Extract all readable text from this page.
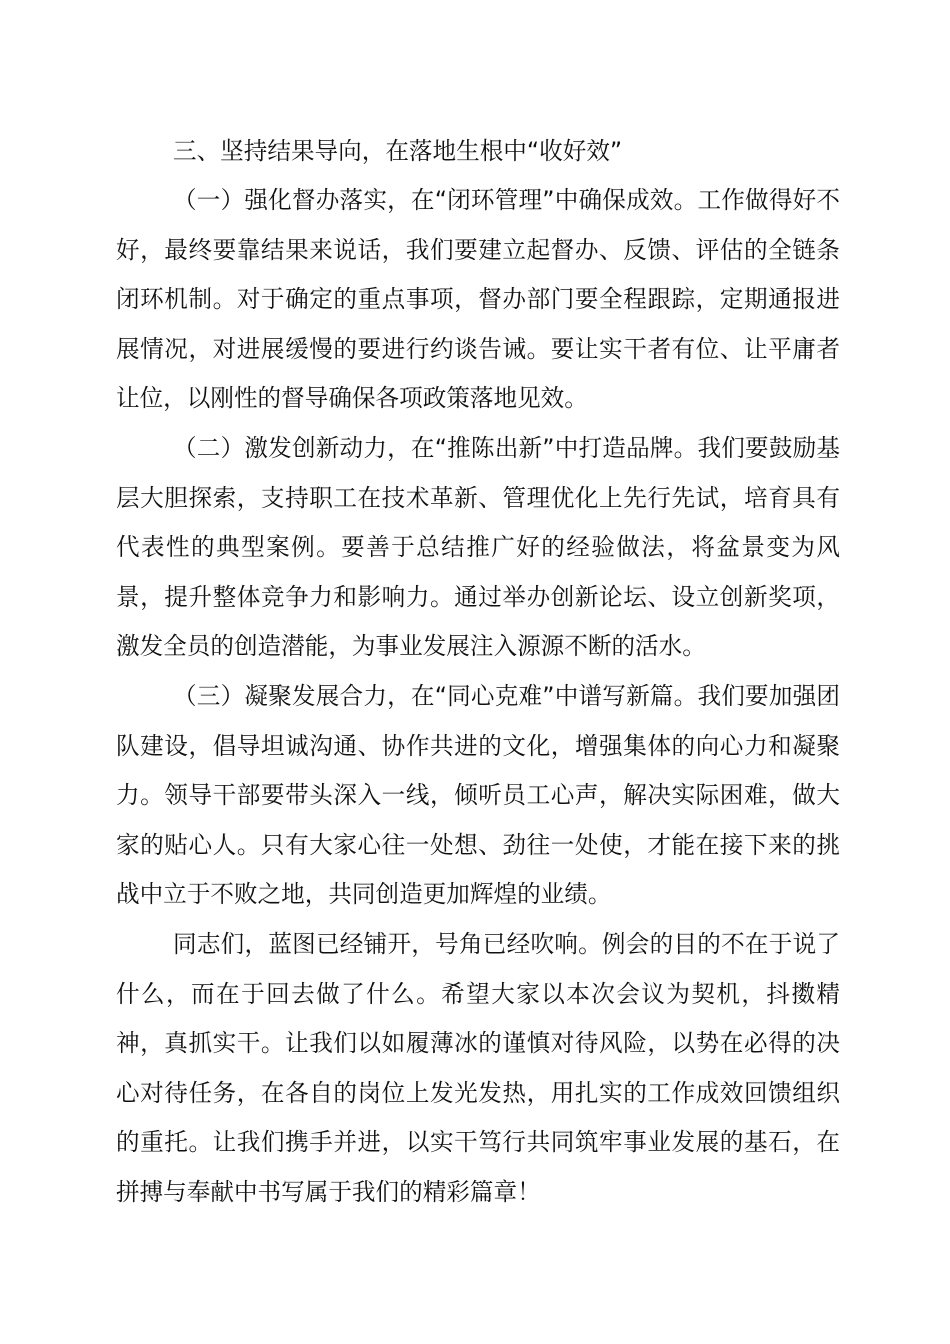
三、坚持结果导向，在落地生根中“收好效”

（一）强化督办落实，在“闭环管理”中确保成效。工作做得好不好，最终要靠结果来说话，我们要建立起督办、反馈、评估的全链条闭环机制。对于确定的重点事项，督办部门要全程跟踪，定期通报进展情况，对进展缓慢的要进行约谈告诫。要让实干者有位、让平庸者让位，以刚性的督导确保各项政策落地见效。

（二）激发创新动力，在“推陈出新”中打造品牌。我们要鼓励基层大胆探索，支持职工在技术革新、管理优化上先行先试，培育具有代表性的典型案例。要善于总结推广好的经验做法，将盆景变为风景，提升整体竞争力和影响力。通过举办创新论坛、设立创新奖项，激发全员的创造潜能，为事业发展注入源源不断的活水。

（三）凝聚发展合力，在“同心克难”中谱写新篇。我们要加强团队建设，倡导坦诚沟通、协作共进的文化，增强集体的向心力和凝聚力。领导干部要带头深入一线，倾听员工心声，解决实际困难，做大家的贴心人。只有大家心往一处想、劲往一处使，才能在接下来的挑战中立于不败之地，共同创造更加辉煌的业绩。

同志们，蓝图已经铺开，号角已经吹响。例会的目的不在于说了什么，而在于回去做了什么。希望大家以本次会议为契机，抖擞精神，真抓实干。让我们以如履薄冰的谨慎对待风险，以势在必得的决心对待任务，在各自的岗位上发光发热，用扎实的工作成效回馈组织的重托。让我们携手并进，以实干笃行共同筑牢事业发展的基石，在拼搏与奉献中书写属于我们的精彩篇章！
